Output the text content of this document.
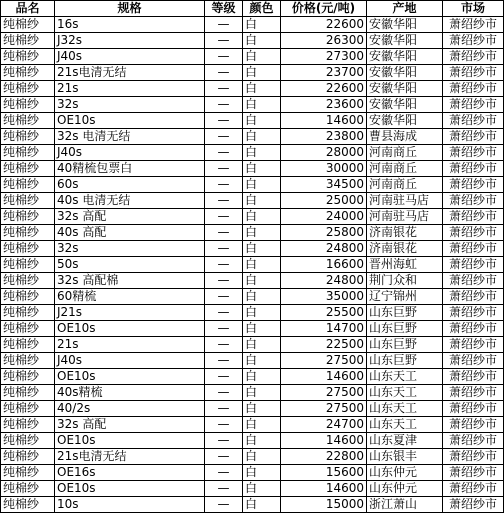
品名	规格	等级	颜色	价格(元/吨)	产地	市场
纯棉纱	16s	—	白	22600	安徽华阳	萧绍纱市
纯棉纱	J32s	—	白	26300	安徽华阳	萧绍纱市
纯棉纱	J40s	—	白	27300	安徽华阳	萧绍纱市
纯棉纱	21s电清无结	—	白	23700	安徽华阳	萧绍纱市
纯棉纱	21s	—	白	22600	安徽华阳	萧绍纱市
纯棉纱	32s	—	白	23600	安徽华阳	萧绍纱市
纯棉纱	OE10s	—	白	14600	安徽华阳	萧绍纱市
纯棉纱	32s 电清无结	—	白	23800	曹县海成	萧绍纱市
纯棉纱	J40s	—	白	28000	河南商丘	萧绍纱市
纯棉纱	40精梳包票白	—	白	30000	河南商丘	萧绍纱市
纯棉纱	60s	—	白	34500	河南商丘	萧绍纱市
纯棉纱	40s 电清无结	—	白	25000	河南驻马店	萧绍纱市
纯棉纱	32s 高配	—	白	24000	河南驻马店	萧绍纱市
纯棉纱	40s 高配	—	白	25800	济南银花	萧绍纱市
纯棉纱	32s	—	白	24800	济南银花	萧绍纱市
纯棉纱	50s	—	白	16600	晋州海虹	萧绍纱市
纯棉纱	32s 高配棉	—	白	24800	荆门众和	萧绍纱市
纯棉纱	60精梳	—	白	35000	辽宁锦州	萧绍纱市
纯棉纱	J21s	—	白	25500	山东巨野	萧绍纱市
纯棉纱	OE10s	—	白	14700	山东巨野	萧绍纱市
纯棉纱	21s	—	白	22500	山东巨野	萧绍纱市
纯棉纱	J40s	—	白	27500	山东巨野	萧绍纱市
纯棉纱	OE10s	—	白	14600	山东天工	萧绍纱市
纯棉纱	40s精梳	—	白	27500	山东天工	萧绍纱市
纯棉纱	40/2s	—	白	27500	山东天工	萧绍纱市
纯棉纱	32s 高配	—	白	24700	山东天工	萧绍纱市
纯棉纱	OE10s	—	白	14600	山东夏津	萧绍纱市
纯棉纱	21s电清无结	—	白	22800	山东银丰	萧绍纱市
纯棉纱	OE16s	—	白	15600	山东仲元	萧绍纱市
纯棉纱	OE10s	—	白	14600	山东仲元	萧绍纱市
纯棉纱	10s	—	白	15000	浙江萧山	萧绍纱市
